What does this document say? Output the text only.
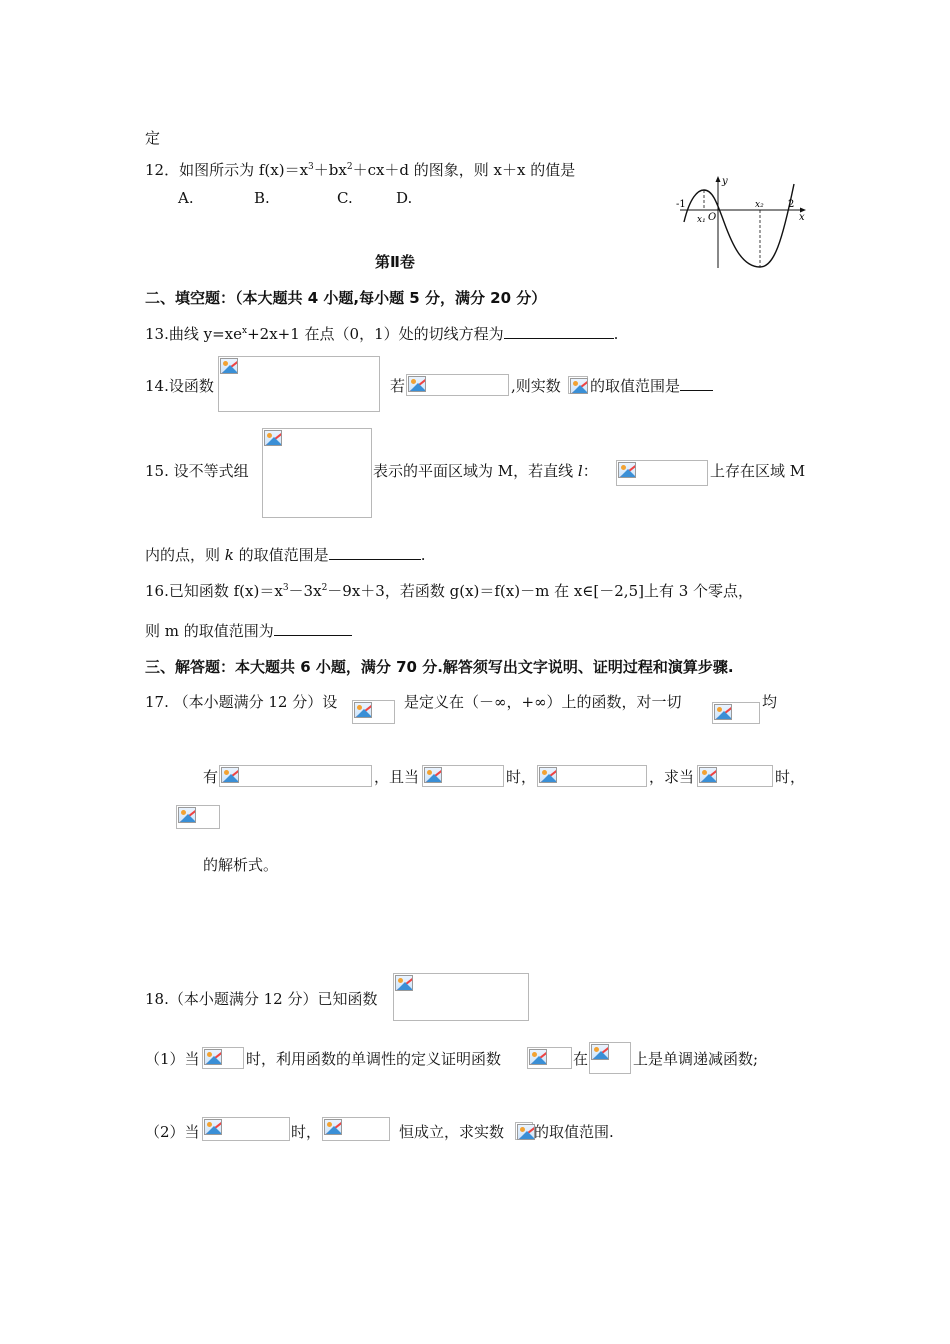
定
12．如图所示为 $f(x)=x^3+bx^2+cx+d$ 的图象，则 x＋x 的值是
A.	B.	C.	D.
y
x
-1
O
x₁
x₂ 2
第Ⅱ卷
二、填空题：（本大题共 4 小题,每小题 5 分，满分 20 分）
13.曲线 $y=xe^x+2x+1$ 在点（0，1）处的切线方程为	.
14.设函数	若	,则实数 的取值范围是
15. 设不等式组	表示的平面区域为 M，若直线 l：	上存在区域 M
内的点，则 k 的取值范围是	.
16.已知函数 $f(x)=x^3-3x^2-9x+3$，若函数 g(x)＝f(x)－m 在 x∈[－2,5]上有 3 个零点，
则 m 的取值范围为
三、解答题：本大题共 6 小题，满分 70 分.解答须写出文字说明、证明过程和演算步骤.
17. （本小题满分 12 分）设	是定义在（－∞，+∞）上的函数，对一切	均
有	，且当	时，	，求当	时，
的解析式。
18.（本小题满分 12 分）已知函数
（1）当	时，利用函数的单调性的定义证明函数	在	上是单调递减函数;
（2）当	时，	恒成立，求实数 的取值范围.
